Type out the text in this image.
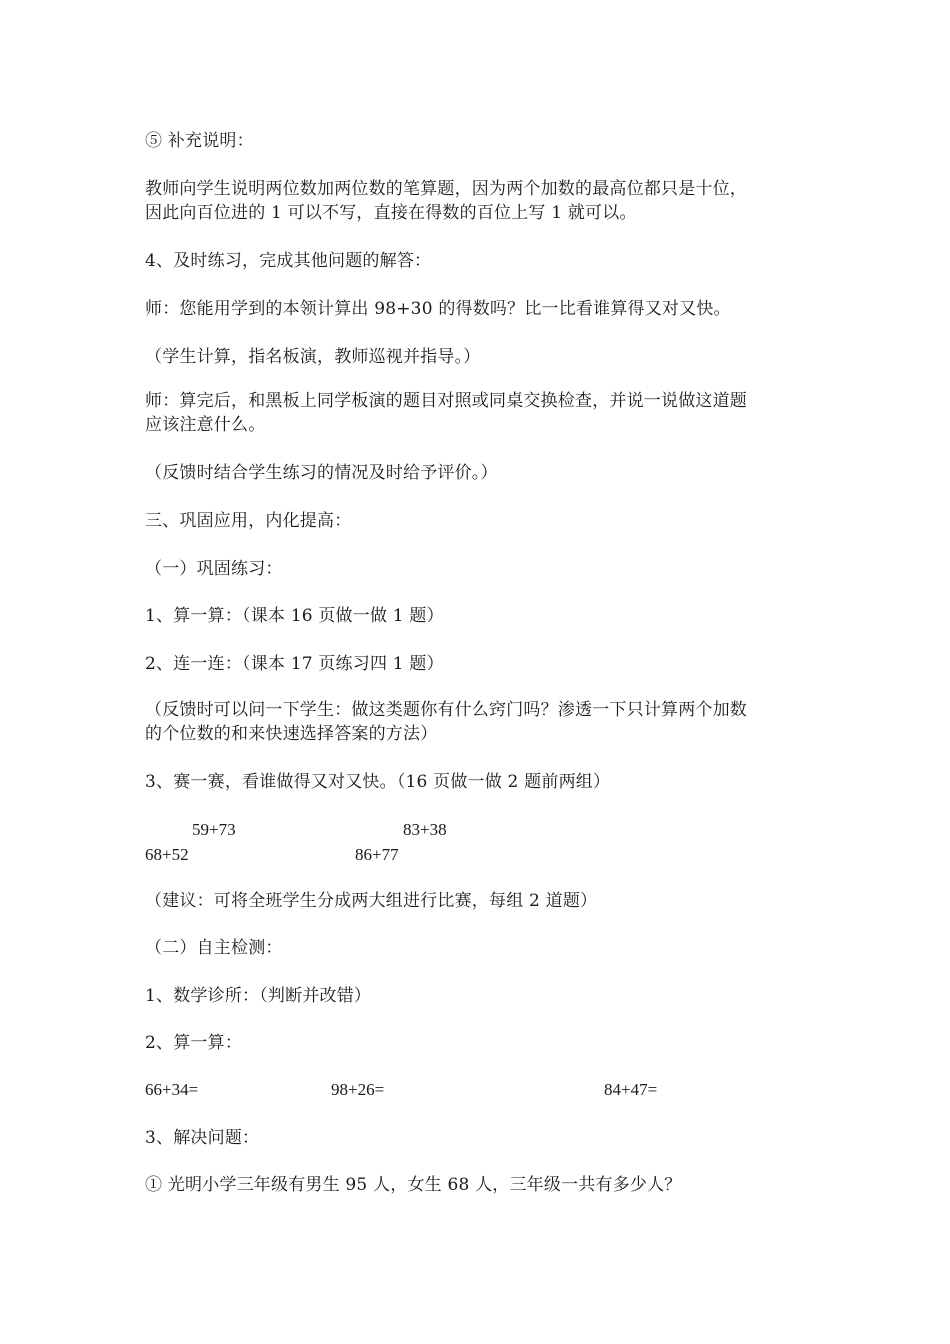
⑤ 补充说明：
教师向学生说明两位数加两位数的笔算题，因为两个加数的最高位都只是十位，
因此向百位进的 1 可以不写，直接在得数的百位上写 1 就可以。
4、及时练习，完成其他问题的解答：
师：您能用学到的本领计算出 98+30 的得数吗？比一比看谁算得又对又快。
（学生计算，指名板演，教师巡视并指导。）
师：算完后，和黑板上同学板演的题目对照或同桌交换检查，并说一说做这道题
应该注意什么。
（反馈时结合学生练习的情况及时给予评价。）
三、巩固应用，内化提高：
（一）巩固练习：
1、算一算：（课本 16 页做一做 1 题）
2、连一连：（课本 17 页练习四 1 题）
（反馈时可以问一下学生：做这类题你有什么窍门吗？渗透一下只计算两个加数
的个位数的和来快速选择答案的方法）
3、赛一赛，看谁做得又对又快。（16 页做一做 2 题前两组）
59+73	83+38
68+52	86+77
（建议：可将全班学生分成两大组进行比赛，每组 2 道题）
（二）自主检测：
1、数学诊所：（判断并改错）
2、算一算：
66+34=	98+26=	84+47=
3、解决问题：
① 光明小学三年级有男生 95 人，女生 68 人，三年级一共有多少人？
